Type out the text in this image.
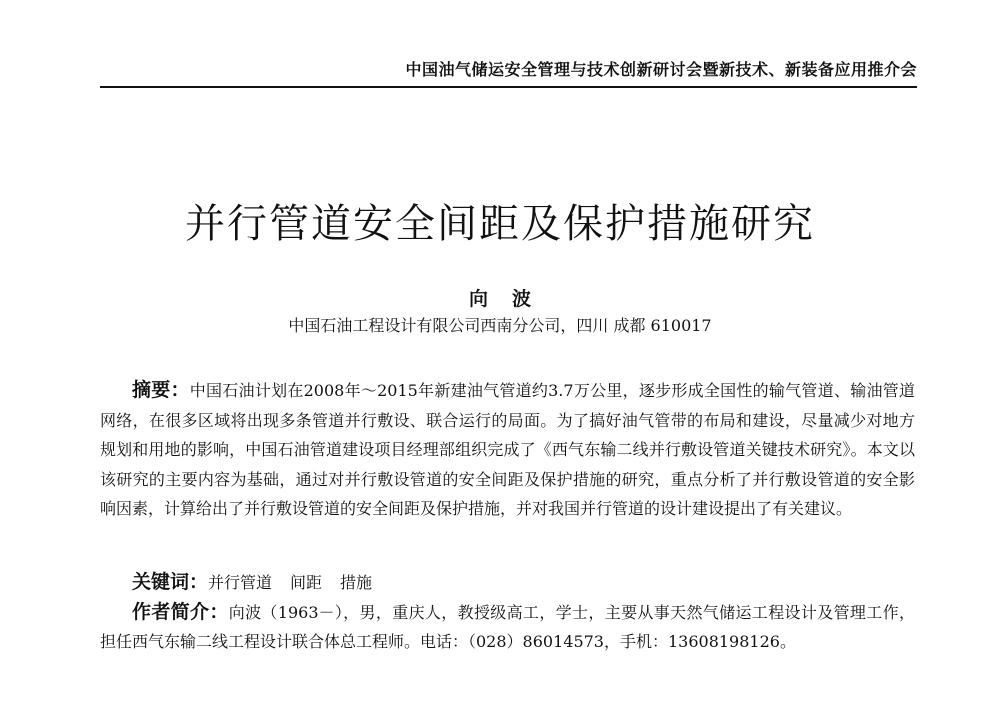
中国油气储运安全管理与技术创新研讨会暨新技术、新装备应用推介会
并行管道安全间距及保护措施研究
向波
中国石油工程设计有限公司西南分公司，四川 成都 610017

摘要：中国石油计划在2008年～2015年新建油气管道约3.7万公里，逐步形成全国性的输气管道、输油管道网络，在很多区域将出现多条管道并行敷设、联合运行的局面。为了搞好油气管带的布局和建设，尽量减少对地方规划和用地的影响，中国石油管道建设项目经理部组织完成了《西气东输二线并行敷设管道关键技术研究》。本文以该研究的主要内容为基础，通过对并行敷设管道的安全间距及保护措施的研究，重点分析了并行敷设管道的安全影响因素，计算给出了并行敷设管道的安全间距及保护措施，并对我国并行管道的设计建设提出了有关建议。

关键词：并行管道 间距 措施

作者简介：向波（1963－），男，重庆人，教授级高工，学士，主要从事天然气储运工程设计及管理工作，担任西气东输二线工程设计联合体总工程师。电话：（028）86014573，手机：13608198126。
